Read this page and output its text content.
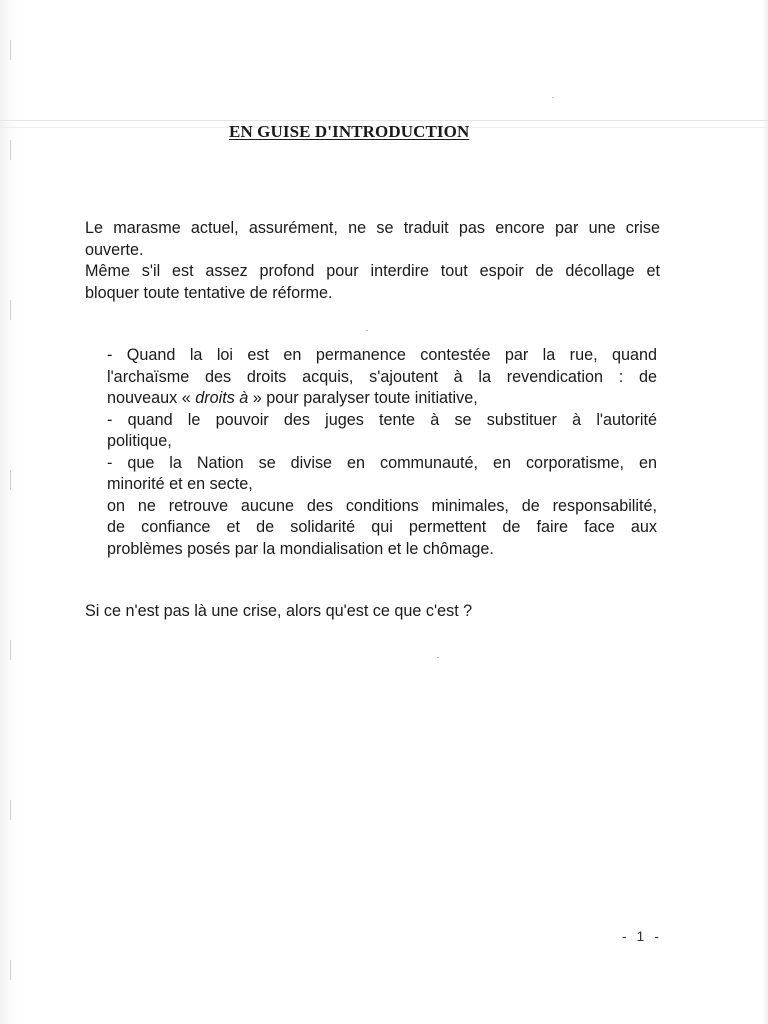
EN GUISE D'INTRODUCTION

Le marasme actuel, assurément, ne se traduit pas encore par une crise

ouverte.

Même s'il est assez profond pour interdire tout espoir de décollage et

bloquer toute tentative de réforme.

- Quand la loi est en permanence contestée par la rue, quand

l'archaïsme des droits acquis, s'ajoutent à la revendication : de

nouveaux « droits à » pour paralyser toute initiative,

- quand le pouvoir des juges tente à se substituer à l'autorité

politique,

- que la Nation se divise en communauté, en corporatisme, en

minorité et en secte,

on ne retrouve aucune des conditions minimales, de responsabilité,

de confiance et de solidarité qui permettent de faire face aux

problèmes posés par la mondialisation et le chômage.

Si ce n'est pas là une crise, alors qu'est ce que c'est ?
- 1 -
